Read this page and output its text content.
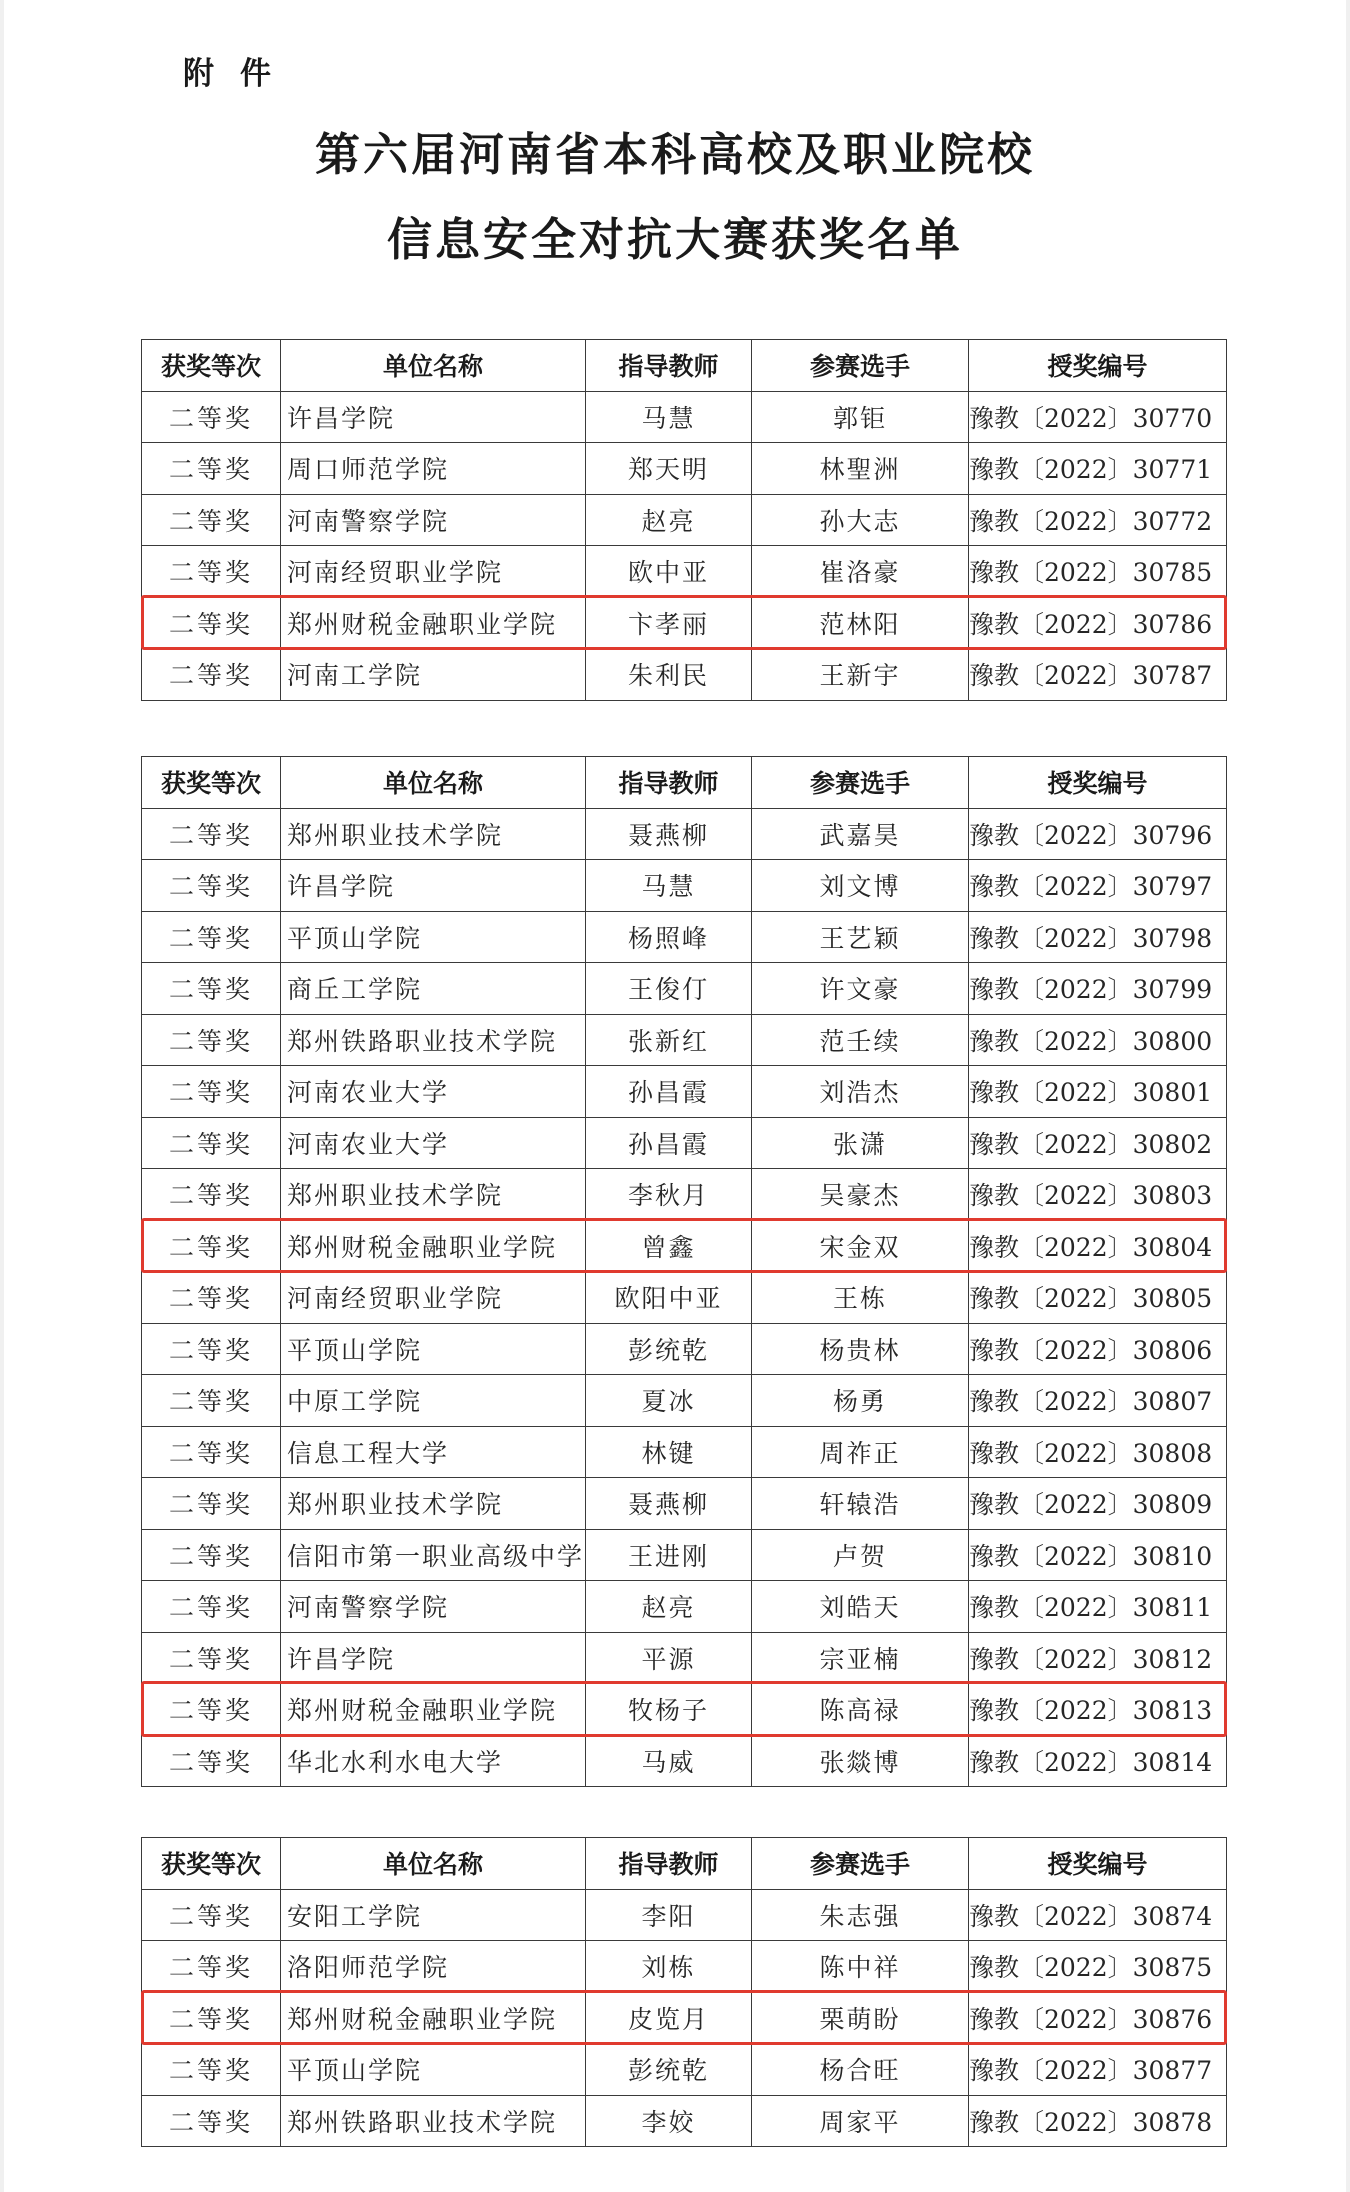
附件
第六届河南省本科高校及职业院校
信息安全对抗大赛获奖名单
获奖等次	单位名称	指导教师	参赛选手	授奖编号
二等奖	许昌学院	马慧	郭钜	豫教〔2022〕30770
二等奖	周口师范学院	郑天明	林聖洲	豫教〔2022〕30771
二等奖	河南警察学院	赵亮	孙大志	豫教〔2022〕30772
二等奖	河南经贸职业学院	欧中亚	崔洛豪	豫教〔2022〕30785
二等奖	郑州财税金融职业学院	卞孝丽	范林阳	豫教〔2022〕30786
二等奖	河南工学院	朱利民	王新宇	豫教〔2022〕30787
获奖等次	单位名称	指导教师	参赛选手	授奖编号
二等奖	郑州职业技术学院	聂燕柳	武嘉昊	豫教〔2022〕30796
二等奖	许昌学院	马慧	刘文博	豫教〔2022〕30797
二等奖	平顶山学院	杨照峰	王艺颖	豫教〔2022〕30798
二等奖	商丘工学院	王俊仃	许文豪	豫教〔2022〕30799
二等奖	郑州铁路职业技术学院	张新红	范壬续	豫教〔2022〕30800
二等奖	河南农业大学	孙昌霞	刘浩杰	豫教〔2022〕30801
二等奖	河南农业大学	孙昌霞	张潇	豫教〔2022〕30802
二等奖	郑州职业技术学院	李秋月	吴豪杰	豫教〔2022〕30803
二等奖	郑州财税金融职业学院	曾鑫	宋金双	豫教〔2022〕30804
二等奖	河南经贸职业学院	欧阳中亚	王栋	豫教〔2022〕30805
二等奖	平顶山学院	彭统乾	杨贵林	豫教〔2022〕30806
二等奖	中原工学院	夏冰	杨勇	豫教〔2022〕30807
二等奖	信息工程大学	林键	周祚正	豫教〔2022〕30808
二等奖	郑州职业技术学院	聂燕柳	轩辕浩	豫教〔2022〕30809
二等奖	信阳市第一职业高级中学	王进刚	卢贺	豫教〔2022〕30810
二等奖	河南警察学院	赵亮	刘皓天	豫教〔2022〕30811
二等奖	许昌学院	平源	宗亚楠	豫教〔2022〕30812
二等奖	郑州财税金融职业学院	牧杨子	陈高禄	豫教〔2022〕30813
二等奖	华北水利水电大学	马威	张燚博	豫教〔2022〕30814
获奖等次	单位名称	指导教师	参赛选手	授奖编号
二等奖	安阳工学院	李阳	朱志强	豫教〔2022〕30874
二等奖	洛阳师范学院	刘栋	陈中祥	豫教〔2022〕30875
二等奖	郑州财税金融职业学院	皮览月	栗萌盼	豫教〔2022〕30876
二等奖	平顶山学院	彭统乾	杨合旺	豫教〔2022〕30877
二等奖	郑州铁路职业技术学院	李姣	周家平	豫教〔2022〕30878
